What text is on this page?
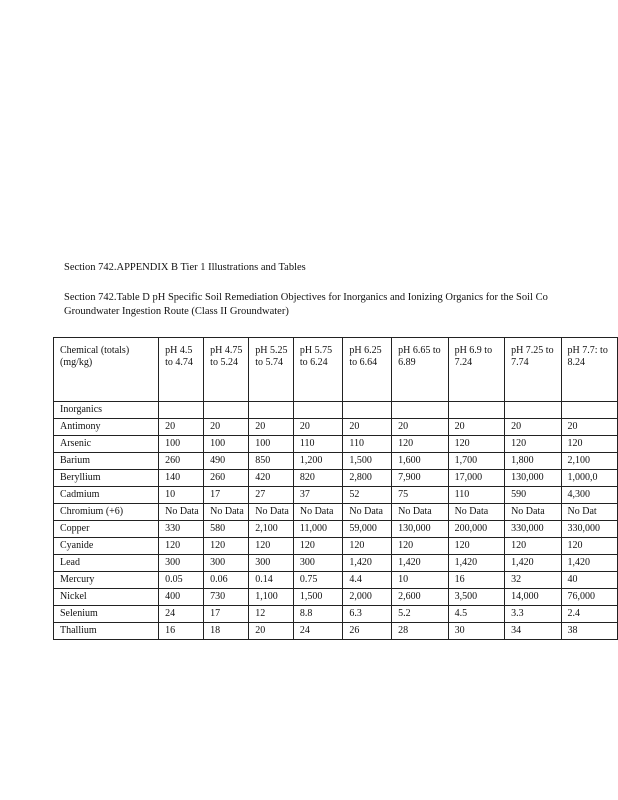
Section 742.APPENDIX B Tier 1 Illustrations and Tables
Section 742.Table D pH Specific Soil Remediation Objectives for Inorganics and Ionizing Organics for the Soil Co
Groundwater Ingestion Route (Class II Groundwater)
Chemical (totals) (mg/kg)	pH 4.5 to 4.74	pH 4.75 to 5.24	pH 5.25 to 5.74	pH 5.75 to 6.24	pH 6.25 to 6.64	pH 6.65 to 6.89	pH 6.9 to 7.24	pH 7.25 to 7.74	pH 7.7: to 8.24
Inorganics									
Antimony	20	20	20	20	20	20	20	20	20
Arsenic	100	100	100	110	110	120	120	120	120
Barium	260	490	850	1,200	1,500	1,600	1,700	1,800	2,100
Beryllium	140	260	420	820	2,800	7,900	17,000	130,000	1,000,0
Cadmium	10	17	27	37	52	75	110	590	4,300
Chromium (+6)	No Data	No Data	No Data	No Data	No Data	No Data	No Data	No Data	No Dat
Copper	330	580	2,100	11,000	59,000	130,000	200,000	330,000	330,000
Cyanide	120	120	120	120	120	120	120	120	120
Lead	300	300	300	300	1,420	1,420	1,420	1,420	1,420
Mercury	0.05	0.06	0.14	0.75	4.4	10	16	32	40
Nickel	400	730	1,100	1,500	2,000	2,600	3,500	14,000	76,000
Selenium	24	17	12	8.8	6.3	5.2	4.5	3.3	2.4
Thallium	16	18	20	24	26	28	30	34	38
